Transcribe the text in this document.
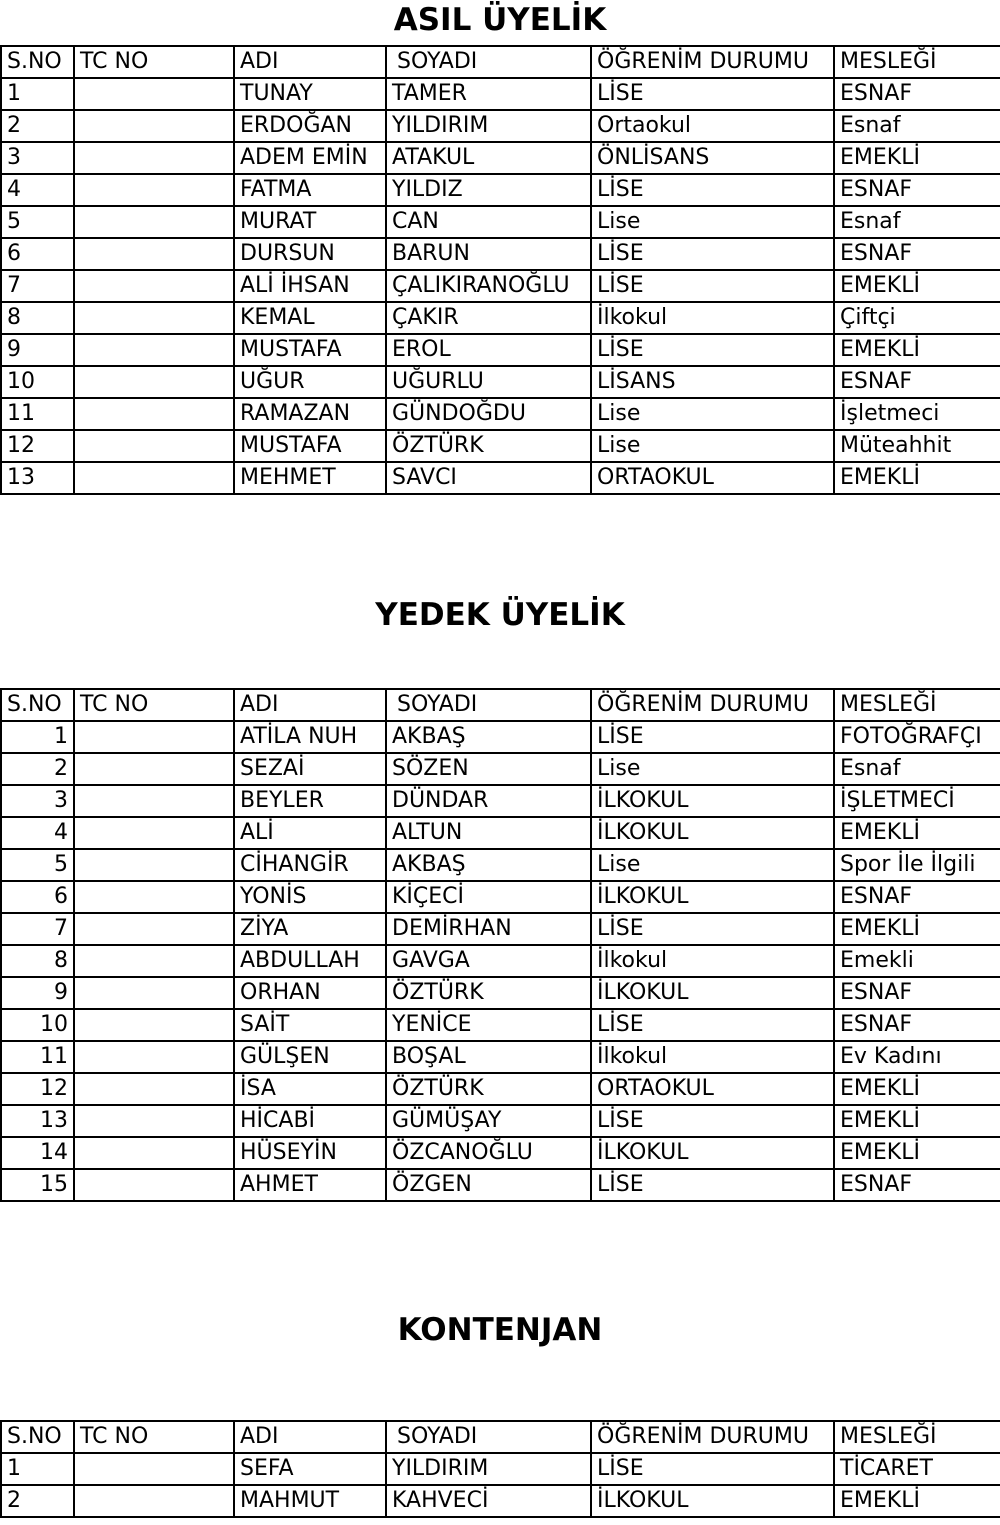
ASIL ÜYELİK
S.NO	TC NO	ADI	SOYADI	ÖĞRENİM DURUMU	MESLEĞİ
1		TUNAY	TAMER	LİSE	ESNAF
2		ERDOĞAN	YILDIRIM	Ortaokul	Esnaf
3		ADEM EMİN	ATAKUL	ÖNLİSANS	EMEKLİ
4		FATMA	YILDIZ	LİSE	ESNAF
5		MURAT	CAN	Lise	Esnaf
6		DURSUN	BARUN	LİSE	ESNAF
7		ALİ İHSAN	ÇALIKIRANOĞLU	LİSE	EMEKLİ
8		KEMAL	ÇAKIR	İlkokul	Çiftçi
9		MUSTAFA	EROL	LİSE	EMEKLİ
10		UĞUR	UĞURLU	LİSANS	ESNAF
11		RAMAZAN	GÜNDOĞDU	Lise	İşletmeci
12		MUSTAFA	ÖZTÜRK	Lise	Müteahhit
13		MEHMET	SAVCI	ORTAOKUL	EMEKLİ
YEDEK ÜYELİK
S.NO	TC NO	ADI	SOYADI	ÖĞRENİM DURUMU	MESLEĞİ
1		ATİLA NUH	AKBAŞ	LİSE	FOTOĞRAFÇI
2		SEZAİ	SÖZEN	Lise	Esnaf
3		BEYLER	DÜNDAR	İLKOKUL	İŞLETMECİ
4		ALİ	ALTUN	İLKOKUL	EMEKLİ
5		CİHANGİR	AKBAŞ	Lise	Spor İle İlgili
6		YONİS	KİÇECİ	İLKOKUL	ESNAF
7		ZİYA	DEMİRHAN	LİSE	EMEKLİ
8		ABDULLAH	GAVGA	İlkokul	Emekli
9		ORHAN	ÖZTÜRK	İLKOKUL	ESNAF
10		SAİT	YENİCE	LİSE	ESNAF
11		GÜLŞEN	BOŞAL	İlkokul	Ev Kadını
12		İSA	ÖZTÜRK	ORTAOKUL	EMEKLİ
13		HİCABİ	GÜMÜŞAY	LİSE	EMEKLİ
14		HÜSEYİN	ÖZCANOĞLU	İLKOKUL	EMEKLİ
15		AHMET	ÖZGEN	LİSE	ESNAF
KONTENJAN
S.NO	TC NO	ADI	SOYADI	ÖĞRENİM DURUMU	MESLEĞİ
1		SEFA	YILDIRIM	LİSE	TİCARET
2		MAHMUT	KAHVECİ	İLKOKUL	EMEKLİ
